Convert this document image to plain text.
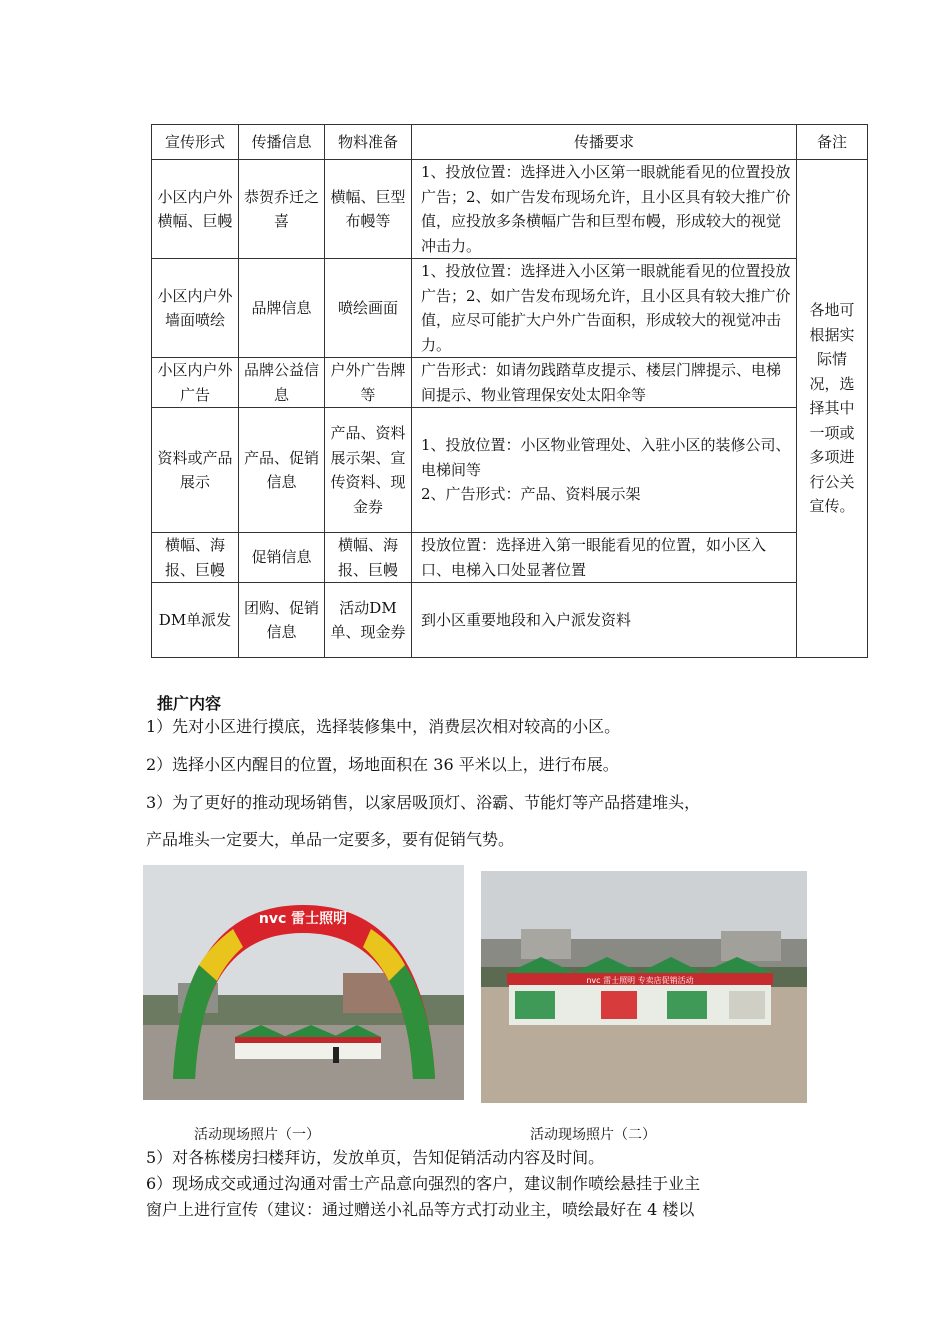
宣传形式	传播信息	物料准备	传播要求	备注
小区内户外横幅、巨幔	恭贺乔迁之喜	横幅、巨型布幔等	1、投放位置：选择进入小区第一眼就能看见的位置投放广告；2、如广告发布现场允许，且小区具有较大推广价值，应投放多条横幅广告和巨型布幔，形成较大的视觉冲击力。	各地可根据实际情况，选择其中一项或多项进行公关宣传。
小区内户外墙面喷绘	品牌信息	喷绘画面	1、投放位置：选择进入小区第一眼就能看见的位置投放广告；2、如广告发布现场允许，且小区具有较大推广价值，应尽可能扩大户外广告面积，形成较大的视觉冲击力。	
小区内户外广告	品牌公益信息	户外广告牌等	广告形式：如请勿践踏草皮提示、楼层门牌提示、电梯间提示、物业管理保安处太阳伞等	
资料或产品展示	产品、促销信息	产品、资料展示架、宣传资料、现金券	1、投放位置：小区物业管理处、入驻小区的装修公司、电梯间等
2、广告形式：产品、资料展示架	

横幅、海报、巨幔	促销信息	横幅、海报、巨幔	投放位置：选择进入第一眼能看见的位置，如小区入口、电梯入口处显著位置	
DM单派发	团购、促销信息	活动DM单、现金券	到小区重要地段和入户派发资料	
推广内容
1）先对小区进行摸底，选择装修集中，消费层次相对较高的小区。
2）选择小区内醒目的位置，场地面积在 36 平米以上，进行布展。
3）为了更好的推动现场销售，以家居吸顶灯、浴霸、节能灯等产品搭建堆头，
产品堆头一定要大，单品一定要多，要有促销气势。
nvc 雷士照明
nvc 雷士照明 专卖店促销活动
活动现场照片（一）	活动现场照片（二）
5）对各栋楼房扫楼拜访，发放单页，告知促销活动内容及时间。
6）现场成交或通过沟通对雷士产品意向强烈的客户，建议制作喷绘悬挂于业主
窗户上进行宣传（建议：通过赠送小礼品等方式打动业主，喷绘最好在 4 楼以
